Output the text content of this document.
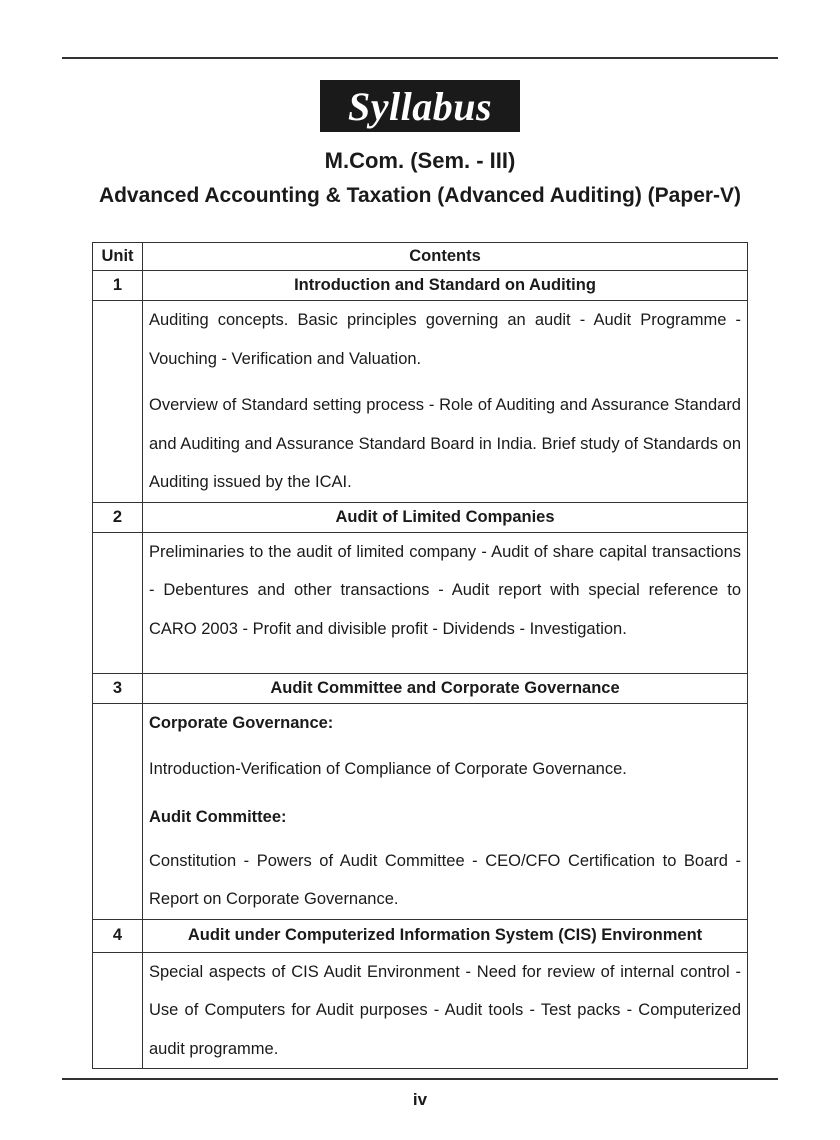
Syllabus
M.Com. (Sem. - III)
Advanced Accounting & Taxation (Advanced Auditing) (Paper-V)
Unit	Contents
1	Introduction and Standard on Auditing

	Auditing concepts. Basic principles governing an audit - Audit Programme - Vouching - Verification and Valuation.

Overview of Standard setting process - Role of Auditing and Assurance Standard and Auditing and Assurance Standard Board in India. Brief study of Standards on Auditing issued by the ICAI.

2	Audit of Limited Companies

	Preliminaries to the audit of limited company - Audit of share capital transactions - Debentures and other transactions - Audit report with special reference to CARO 2003 - Profit and divisible profit - Dividends - Investigation.

3	Audit Committee and Corporate Governance

	Corporate Governance:

Introduction-Verification of Compliance of Corporate Governance.

Audit Committee:

Constitution - Powers of Audit Committee - CEO/CFO Certification to Board - Report on Corporate Governance.

4	Audit under Computerized Information System (CIS) Environment

	Special aspects of CIS Audit Environment - Need for review of internal control - Use of Computers for Audit purposes - Audit tools - Test packs - Computerized audit programme.

iv
